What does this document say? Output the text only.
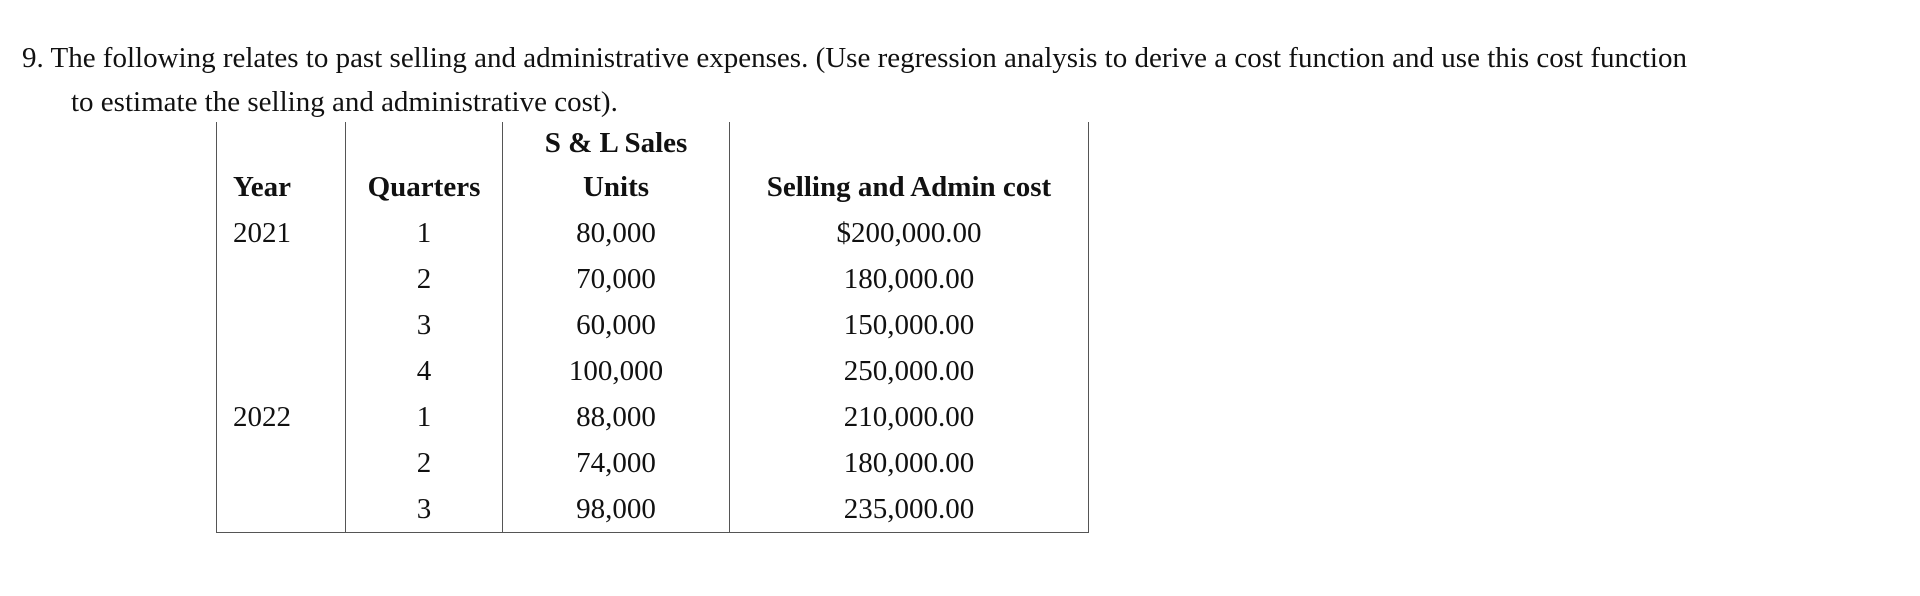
9. The following relates to past selling and administrative expenses. (Use regression analysis to derive a cost function and use this cost function
to estimate the selling and administrative cost).
		S & L Sales	
Year	Quarters	Units	Selling and Admin cost
2021	1	80,000	$200,000.00
	2	70,000	180,000.00
	3	60,000	150,000.00
	4	100,000	250,000.00
2022	1	88,000	210,000.00
	2	74,000	180,000.00
	3	98,000	235,000.00
